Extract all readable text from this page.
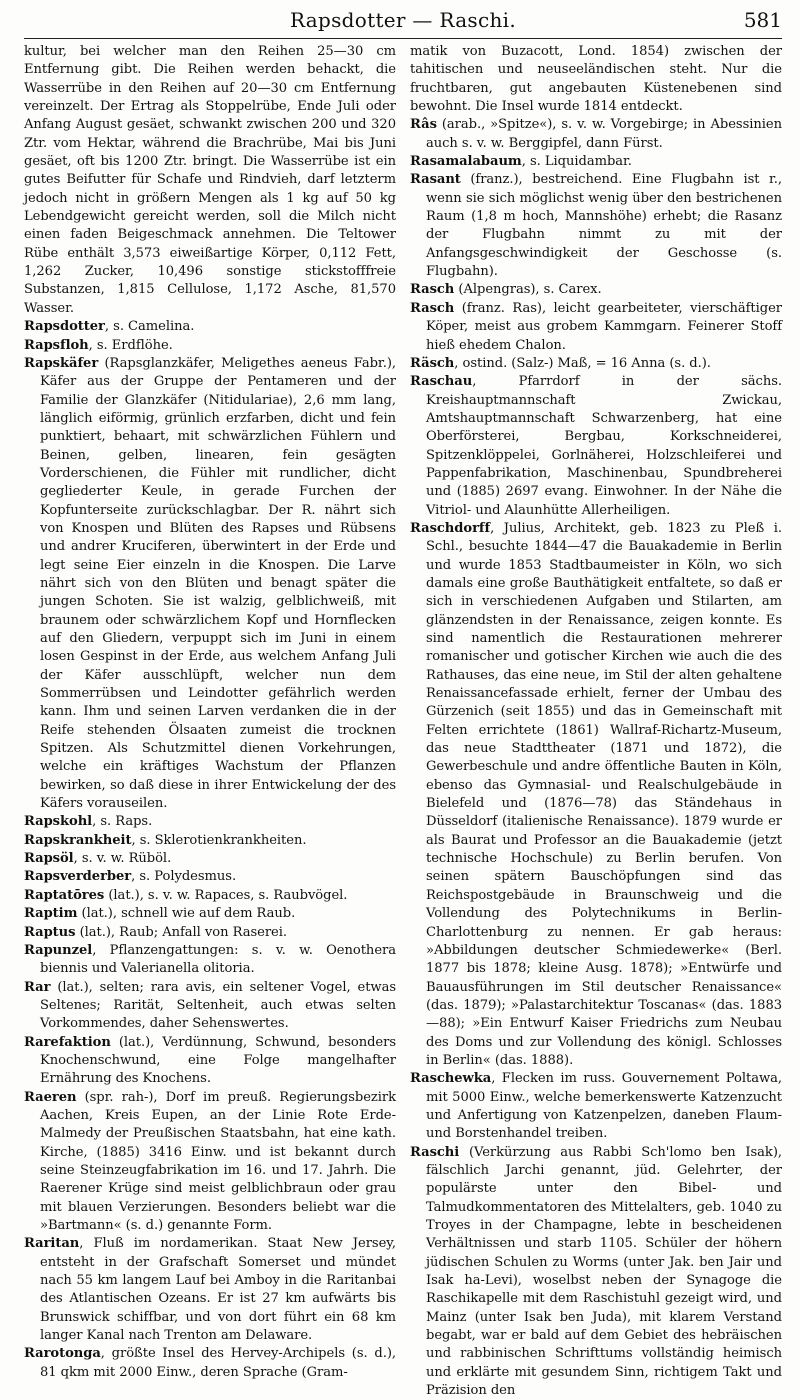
Rapsdotter — Raschi.	581

kultur, bei welcher man den Reihen 25—30 cm Entfernung gibt. Die Reihen werden behackt, die Wasserrübe in den Reihen auf 20—30 cm Entfernung vereinzelt. Der Ertrag als Stoppelrübe, Ende Juli oder Anfang August gesäet, schwankt zwischen 200 und 320 Ztr. vom Hektar, während die Brachrübe, Mai bis Juni gesäet, oft bis 1200 Ztr. bringt. Die Wasserrübe ist ein gutes Beifutter für Schafe und Rindvieh, darf letzterm jedoch nicht in größern Mengen als 1 kg auf 50 kg Lebendgewicht gereicht werden, soll die Milch nicht einen faden Beigeschmack annehmen. Die Teltower Rübe enthält 3,573 eiweißartige Körper, 0,112 Fett, 1,262 Zucker, 10,496 sonstige stickstofffreie Substanzen, 1,815 Cellulose, 1,172 Asche, 81,570 Wasser.

Rapsdotter, s. Camelina.

Rapsfloh, s. Erdflöhe.

Rapskäfer (Rapsglanzkäfer, Meligethes aeneus Fabr.), Käfer aus der Gruppe der Pentameren und der Familie der Glanzkäfer (Nitidulariae), 2,6 mm lang, länglich eiförmig, grünlich erzfarben, dicht und fein punktiert, behaart, mit schwärzlichen Fühlern und Beinen, gelben, linearen, fein gesägten Vorderschienen, die Fühler mit rundlicher, dicht gegliederter Keule, in gerade Furchen der Kopfunterseite zurückschlagbar. Der R. nährt sich von Knospen und Blüten des Rapses und Rübsens und andrer Kruciferen, überwintert in der Erde und legt seine Eier einzeln in die Knospen. Die Larve nährt sich von den Blüten und benagt später die jungen Schoten. Sie ist walzig, gelblichweiß, mit braunem oder schwärzlichem Kopf und Hornflecken auf den Gliedern, verpuppt sich im Juni in einem losen Gespinst in der Erde, aus welchem Anfang Juli der Käfer ausschlüpft, welcher nun dem Sommerrübsen und Leindotter gefährlich werden kann. Ihm und seinen Larven verdanken die in der Reife stehenden Ölsaaten zumeist die trocknen Spitzen. Als Schutzmittel dienen Vorkehrungen, welche ein kräftiges Wachstum der Pflanzen bewirken, so daß diese in ihrer Entwickelung der des Käfers vorauseilen.

Rapskohl, s. Raps.

Rapskrankheit, s. Sklerotienkrankheiten.

Rapsöl, s. v. w. Rüböl.

Rapsverderber, s. Polydesmus.

Raptatōres (lat.), s. v. w. Rapaces, s. Raubvögel.

Raptim (lat.), schnell wie auf dem Raub.

Raptus (lat.), Raub; Anfall von Raserei.

Rapunzel, Pflanzengattungen: s. v. w. Oenothera biennis und Valerianella olitoria.

Rar (lat.), selten; rara avis, ein seltener Vogel, etwas Seltenes; Rarität, Seltenheit, auch etwas selten Vorkommendes, daher Sehenswertes.

Rarefaktion (lat.), Verdünnung, Schwund, besonders Knochenschwund, eine Folge mangelhafter Ernährung des Knochens.

Raeren (spr. rah-), Dorf im preuß. Regierungsbezirk Aachen, Kreis Eupen, an der Linie Rote Erde-Malmedy der Preußischen Staatsbahn, hat eine kath. Kirche, (1885) 3416 Einw. und ist bekannt durch seine Steinzeugfabrikation im 16. und 17. Jahrh. Die Raerener Krüge sind meist gelblichbraun oder grau mit blauen Verzierungen. Besonders beliebt war die »Bartmann« (s. d.) genannte Form.

Raritan, Fluß im nordamerikan. Staat New Jersey, entsteht in der Grafschaft Somerset und mündet nach 55 km langem Lauf bei Amboy in die Raritanbai des Atlantischen Ozeans. Er ist 27 km aufwärts bis Brunswick schiffbar, und von dort führt ein 68 km langer Kanal nach Trenton am Delaware.

Rarotonga, größte Insel des Hervey-Archipels (s. d.), 81 qkm mit 2000 Einw., deren Sprache (Gram-

matik von Buzacott, Lond. 1854) zwischen der tahitischen und neuseeländischen steht. Nur die fruchtbaren, gut angebauten Küstenebenen sind bewohnt. Die Insel wurde 1814 entdeckt.

Râs (arab., »Spitze«), s. v. w. Vorgebirge; in Abessinien auch s. v. w. Berggipfel, dann Fürst.

Rasamalabaum, s. Liquidambar.

Rasant (franz.), bestreichend. Eine Flugbahn ist r., wenn sie sich möglichst wenig über den bestrichenen Raum (1,8 m hoch, Mannshöhe) erhebt; die Rasanz der Flugbahn nimmt zu mit der Anfangsgeschwindigkeit der Geschosse (s. Flugbahn).

Rasch (Alpengras), s. Carex.

Rasch (franz. Ras), leicht gearbeiteter, vierschäftiger Köper, meist aus grobem Kammgarn. Feinerer Stoff hieß ehedem Chalon.

Räsch, ostind. (Salz-) Maß, = 16 Anna (s. d.).

Raschau, Pfarrdorf in der sächs. Kreishauptmannschaft Zwickau, Amtshauptmannschaft Schwarzenberg, hat eine Oberförsterei, Bergbau, Korkschneiderei, Spitzenklöppelei, Gorlnäherei, Holzschleiferei und Pappenfabrikation, Maschinenbau, Spundbreherei und (1885) 2697 evang. Einwohner. In der Nähe die Vitriol- und Alaunhütte Allerheiligen.

Raschdorff, Julius, Architekt, geb. 1823 zu Pleß i. Schl., besuchte 1844—47 die Bauakademie in Berlin und wurde 1853 Stadtbaumeister in Köln, wo sich damals eine große Bauthätigkeit entfaltete, so daß er sich in verschiedenen Aufgaben und Stilarten, am glänzendsten in der Renaissance, zeigen konnte. Es sind namentlich die Restaurationen mehrerer romanischer und gotischer Kirchen wie auch die des Rathauses, das eine neue, im Stil der alten gehaltene Renaissancefassade erhielt, ferner der Umbau des Gürzenich (seit 1855) und das in Gemeinschaft mit Felten errichtete (1861) Wallraf-Richartz-Museum, das neue Stadttheater (1871 und 1872), die Gewerbeschule und andre öffentliche Bauten in Köln, ebenso das Gymnasial- und Realschulgebäude in Bielefeld und (1876—78) das Ständehaus in Düsseldorf (italienische Renaissance). 1879 wurde er als Baurat und Professor an die Bauakademie (jetzt technische Hochschule) zu Berlin berufen. Von seinen spätern Bauschöpfungen sind das Reichspostgebäude in Braunschweig und die Vollendung des Polytechnikums in Berlin-Charlottenburg zu nennen. Er gab heraus: »Abbildungen deutscher Schmiedewerke« (Berl. 1877 bis 1878; kleine Ausg. 1878); »Entwürfe und Bauausführungen im Stil deutscher Renaissance« (das. 1879); »Palastarchitektur Toscanas« (das. 1883—88); »Ein Entwurf Kaiser Friedrichs zum Neubau des Doms und zur Vollendung des königl. Schlosses in Berlin« (das. 1888).

Raschewka, Flecken im russ. Gouvernement Poltawa, mit 5000 Einw., welche bemerkenswerte Katzenzucht und Anfertigung von Katzenpelzen, daneben Flaum- und Borstenhandel treiben.

Raschi (Verkürzung aus Rabbi Sch'lomo ben Isak), fälschlich Jarchi genannt, jüd. Gelehrter, der populärste unter den Bibel- und Talmudkommentatoren des Mittelalters, geb. 1040 zu Troyes in der Champagne, lebte in bescheidenen Verhältnissen und starb 1105. Schüler der höhern jüdischen Schulen zu Worms (unter Jak. ben Jair und Isak ha-Levi), woselbst neben der Synagoge die Raschikapelle mit dem Raschistuhl gezeigt wird, und Mainz (unter Isak ben Juda), mit klarem Verstand begabt, war er bald auf dem Gebiet des hebräischen und rabbinischen Schrifttums vollständig heimisch und erklärte mit gesundem Sinn, richtigem Takt und Präzision den
